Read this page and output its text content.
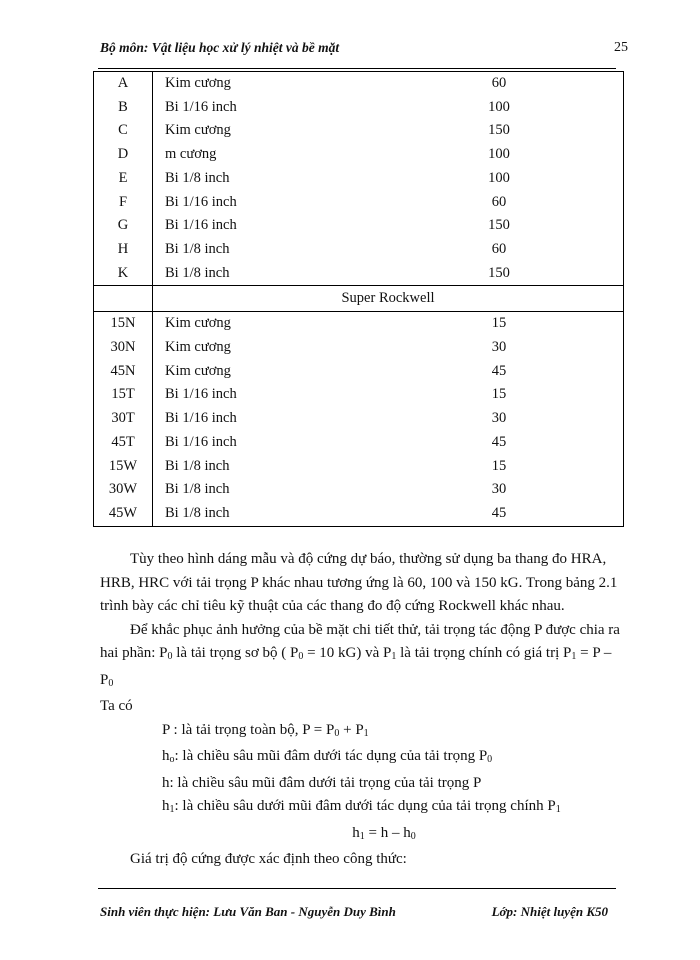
Bộ môn: Vật liệu học xử lý nhiệt và bề mặt	25
A	Kim cương	60
B	Bi 1/16 inch	100
C	Kim cương	150
D	m cương	100
E	Bi 1/8 inch	100
F	Bi 1/16 inch	60
G	Bi 1/16 inch	150
H	Bi 1/8 inch	60
K	Bi 1/8 inch	150
	Super Rockwell	
15N	Kim cương	15
30N	Kim cương	30
45N	Kim cương	45
15T	Bi 1/16 inch	15
30T	Bi 1/16 inch	30
45T	Bi 1/16 inch	45
15W	Bi 1/8 inch	15
30W	Bi 1/8 inch	30
45W	Bi 1/8 inch	45

Tùy theo hình dáng mẫu và độ cứng dự báo, thường sử dụng ba thang đo HRA, HRB, HRC với tải trọng P khác nhau tương ứng là 60, 100 và 150 kG. Trong bảng 2.1 trình bày các chỉ tiêu kỹ thuật của các thang đo độ cứng Rockwell khác nhau.

Để khắc phục ảnh hưởng của bề mặt chi tiết thử, tải trọng tác động P được chia ra hai phần: $P_0$ là tải trọng sơ bộ ( $P_0 = 10$ kG) và $P_1$ là tải trọng chính có giá trị $P_1 = P - P_0$

Ta có

P : là tải trọng toàn bộ, $P = P_0 + P_1$

$h_o$: là chiều sâu mũi đâm dưới tác dụng của tải trọng $P_0$

h: là chiều sâu mũi đâm dưới tải trọng của tải trọng P

$h_1$: là chiều sâu dưới mũi đâm dưới tác dụng của tải trọng chính $P_1$

$h_1 = h - h_0$

Giá trị độ cứng được xác định theo công thức:

Sinh viên thực hiện: Lưu Văn Ban - Nguyễn Duy Bình	Lớp: Nhiệt luyện K50
